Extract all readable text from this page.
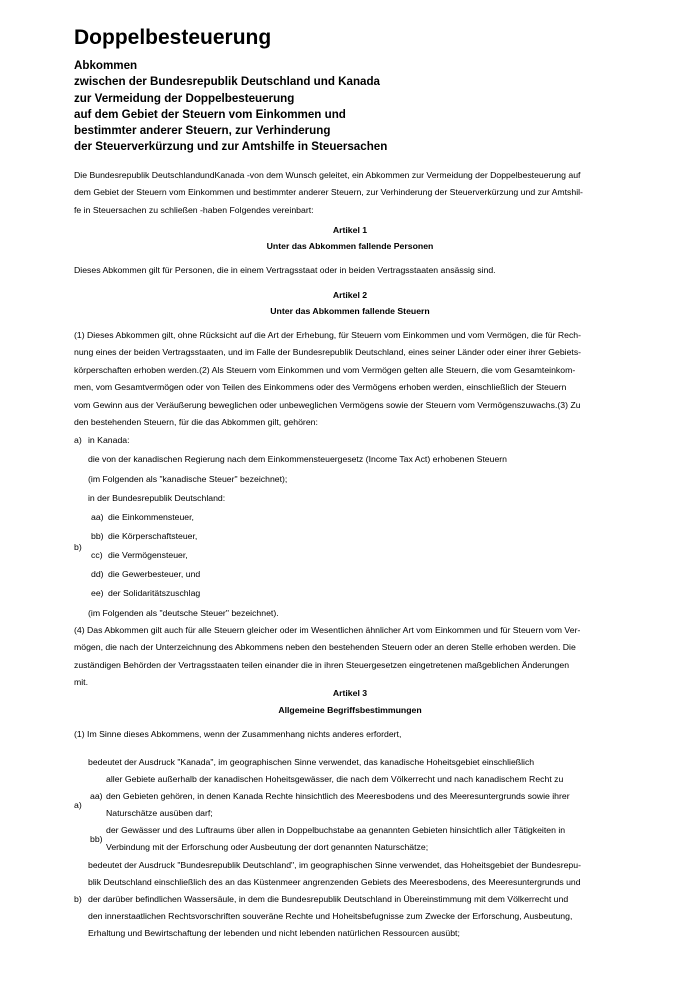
Doppelbesteuerung
Abkommen
zwischen der Bundesrepublik Deutschland und Kanada
zur Vermeidung der Doppelbesteuerung
auf dem Gebiet der Steuern vom Einkommen und
bestimmter anderer Steuern, zur Verhinderung
der Steuerverkürzung und zur Amtshilfe in Steuersachen
Die Bundesrepublik DeutschlandundKanada -von dem Wunsch geleitet, ein Abkommen zur Vermeidung der Doppelbesteuerung auf
dem Gebiet der Steuern vom Einkommen und bestimmter anderer Steuern, zur Verhinderung der Steuerverkürzung und zur Amtshil-
fe in Steuersachen zu schließen -haben Folgendes vereinbart:
Artikel 1
Unter das Abkommen fallende Personen
Dieses Abkommen gilt für Personen, die in einem Vertragsstaat oder in beiden Vertragsstaaten ansässig sind.
Artikel 2
Unter das Abkommen fallende Steuern
(1) Dieses Abkommen gilt, ohne Rücksicht auf die Art der Erhebung, für Steuern vom Einkommen und vom Vermögen, die für Rech-
nung eines der beiden Vertragsstaaten, und im Falle der Bundesrepublik Deutschland, eines seiner Länder oder einer ihrer Gebiets-
körperschaften erhoben werden.(2) Als Steuern vom Einkommen und vom Vermögen gelten alle Steuern, die vom Gesamteinkom-
men, vom Gesamtvermögen oder von Teilen des Einkommens oder des Vermögens erhoben werden, einschließlich der Steuern
vom Gewinn aus der Veräußerung beweglichen oder unbeweglichen Vermögens sowie der Steuern vom Vermögenszuwachs.(3) Zu
den bestehenden Steuern, für die das Abkommen gilt, gehören:
a) in Kanada:
die von der kanadischen Regierung nach dem Einkommensteuergesetz (Income Tax Act) erhobenen Steuern
(im Folgenden als "kanadische Steuer" bezeichnet);
in der Bundesrepublik Deutschland:
b)
aa) die Einkommensteuer,
bb) die Körperschaftsteuer,
cc) die Vermögensteuer,
dd) die Gewerbesteuer, und
ee) der Solidaritätszuschlag
(im Folgenden als "deutsche Steuer" bezeichnet).
(4) Das Abkommen gilt auch für alle Steuern gleicher oder im Wesentlichen ähnlicher Art vom Einkommen und für Steuern vom Ver-
mögen, die nach der Unterzeichnung des Abkommens neben den bestehenden Steuern oder an deren Stelle erhoben werden. Die
zuständigen Behörden der Vertragsstaaten teilen einander die in ihren Steuergesetzen eingetretenen maßgeblichen Änderungen
mit.
Artikel 3
Allgemeine Begriffsbestimmungen
(1) Im Sinne dieses Abkommens, wenn der Zusammenhang nichts anderes erfordert,
bedeutet der Ausdruck "Kanada", im geographischen Sinne verwendet, das kanadische Hoheitsgebiet einschließlich
a)
aa)
aller Gebiete außerhalb der kanadischen Hoheitsgewässer, die nach dem Völkerrecht und nach kanadischem Recht zu
den Gebieten gehören, in denen Kanada Rechte hinsichtlich des Meeresbodens und des Meeresuntergrunds sowie ihrer
Naturschätze ausüben darf;
bb)
der Gewässer und des Luftraums über allen in Doppelbuchstabe aa genannten Gebieten hinsichtlich aller Tätigkeiten in
Verbindung mit der Erforschung oder Ausbeutung der dort genannten Naturschätze;
b)
bedeutet der Ausdruck "Bundesrepublik Deutschland", im geographischen Sinne verwendet, das Hoheitsgebiet der Bundesrepu-
blik Deutschland einschließlich des an das Küstenmeer angrenzenden Gebiets des Meeresbodens, des Meeresuntergrunds und
der darüber befindlichen Wassersäule, in dem die Bundesrepublik Deutschland in Übereinstimmung mit dem Völkerrecht und
den innerstaatlichen Rechtsvorschriften souveräne Rechte und Hoheitsbefugnisse zum Zwecke der Erforschung, Ausbeutung,
Erhaltung und Bewirtschaftung der lebenden und nicht lebenden natürlichen Ressourcen ausübt;
